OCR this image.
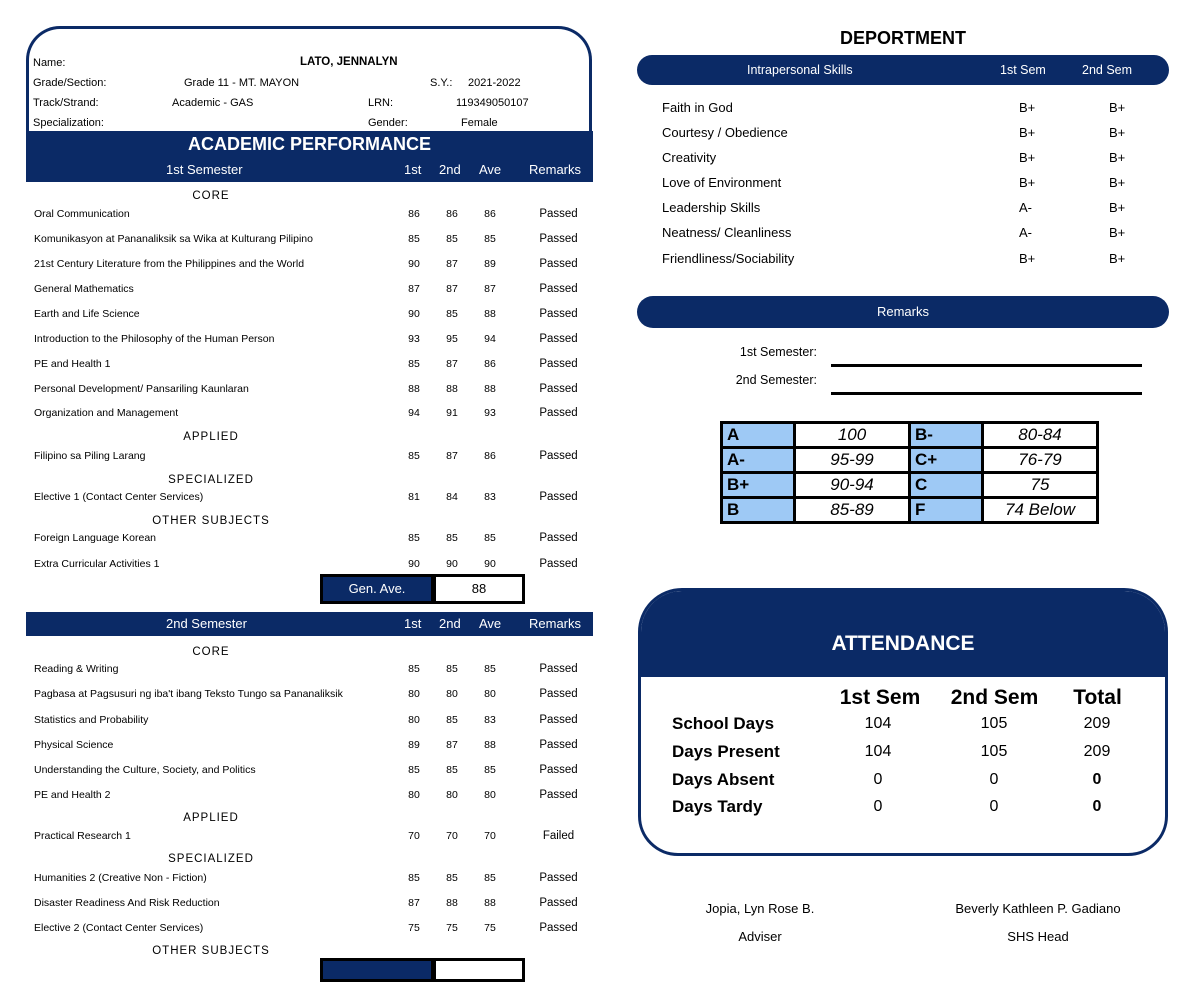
Name:	LATO, JENNALYN
Grade/Section:	Grade 11 - MT. MAYON	S.Y.: 2021-2022
Track/Strand:	Academic - GAS	LRN:	119349050107
Specialization:	Gender:	Female
ACADEMIC PERFORMANCE
1st Semester	1st 2nd Ave Remarks
CORE
APPLIED
SPECIALIZED
OTHER SUBJECTS
Oral Communication	86	86	86	Passed
Komunikasyon at Pananaliksik sa Wika at Kulturang Pilipino	85	85	85	Passed
21st Century Literature from the Philippines and the World	90	87	89	Passed
General Mathematics	87	87	87	Passed
Earth and Life Science	90	85	88	Passed
Introduction to the Philosophy of the Human Person	93	95	94	Passed
PE and Health 1	85	87	86	Passed
Personal Development/ Pansariling Kaunlaran	88	88	88	Passed
Organization and Management	94	91	93	Passed
Filipino sa Piling Larang	85	87	86	Passed
Elective 1 (Contact Center Services)	81	84	83	Passed
Foreign Language Korean	85	85	85	Passed
Extra Curricular Activities 1	90	90	90	Passed
Gen. Ave.	88
2nd Semester	1st 2nd Ave Remarks
CORE
APPLIED
SPECIALIZED
OTHER SUBJECTS
Reading & Writing	85	85	85	Passed
Pagbasa at Pagsusuri ng iba't ibang Teksto Tungo sa Pananaliksik	80	80	80	Passed
Statistics and Probability	80	85	83	Passed
Physical Science	89	87	88	Passed
Understanding the Culture, Society, and Politics	85	85	85	Passed
PE and Health 2	80	80	80	Passed
Practical Research 1	70	70	70	Failed
Humanities 2 (Creative Non - Fiction)	85	85	85	Passed
Disaster Readiness And Risk Reduction	87	88	88	Passed
Elective 2 (Contact Center Services)	75	75	75	Passed
DEPORTMENT
Intrapersonal Skills	1st Sem	2nd Sem
Faith in God	B+	B+
Courtesy / Obedience	B+	B+
Creativity	B+	B+
Love of Environment	B+	B+
Leadership Skills	A-	B+
Neatness/ Cleanliness	A-	B+
Friendliness/Sociability	B+	B+
Remarks
1st Semester:
2nd Semester:
A	100	B-	80-84
A-	95-99	C+	76-79
B+	90-94	C	75
B	85-89	F	74 Below
ATTENDANCE
1st Sem	2nd Sem	Total
School Days	104	105	209
Days Present	104	105	209
Days Absent	0	0	0
Days Tardy	0	0	0
Jopia, Lyn Rose B.
Adviser
Beverly Kathleen P. Gadiano
SHS Head
